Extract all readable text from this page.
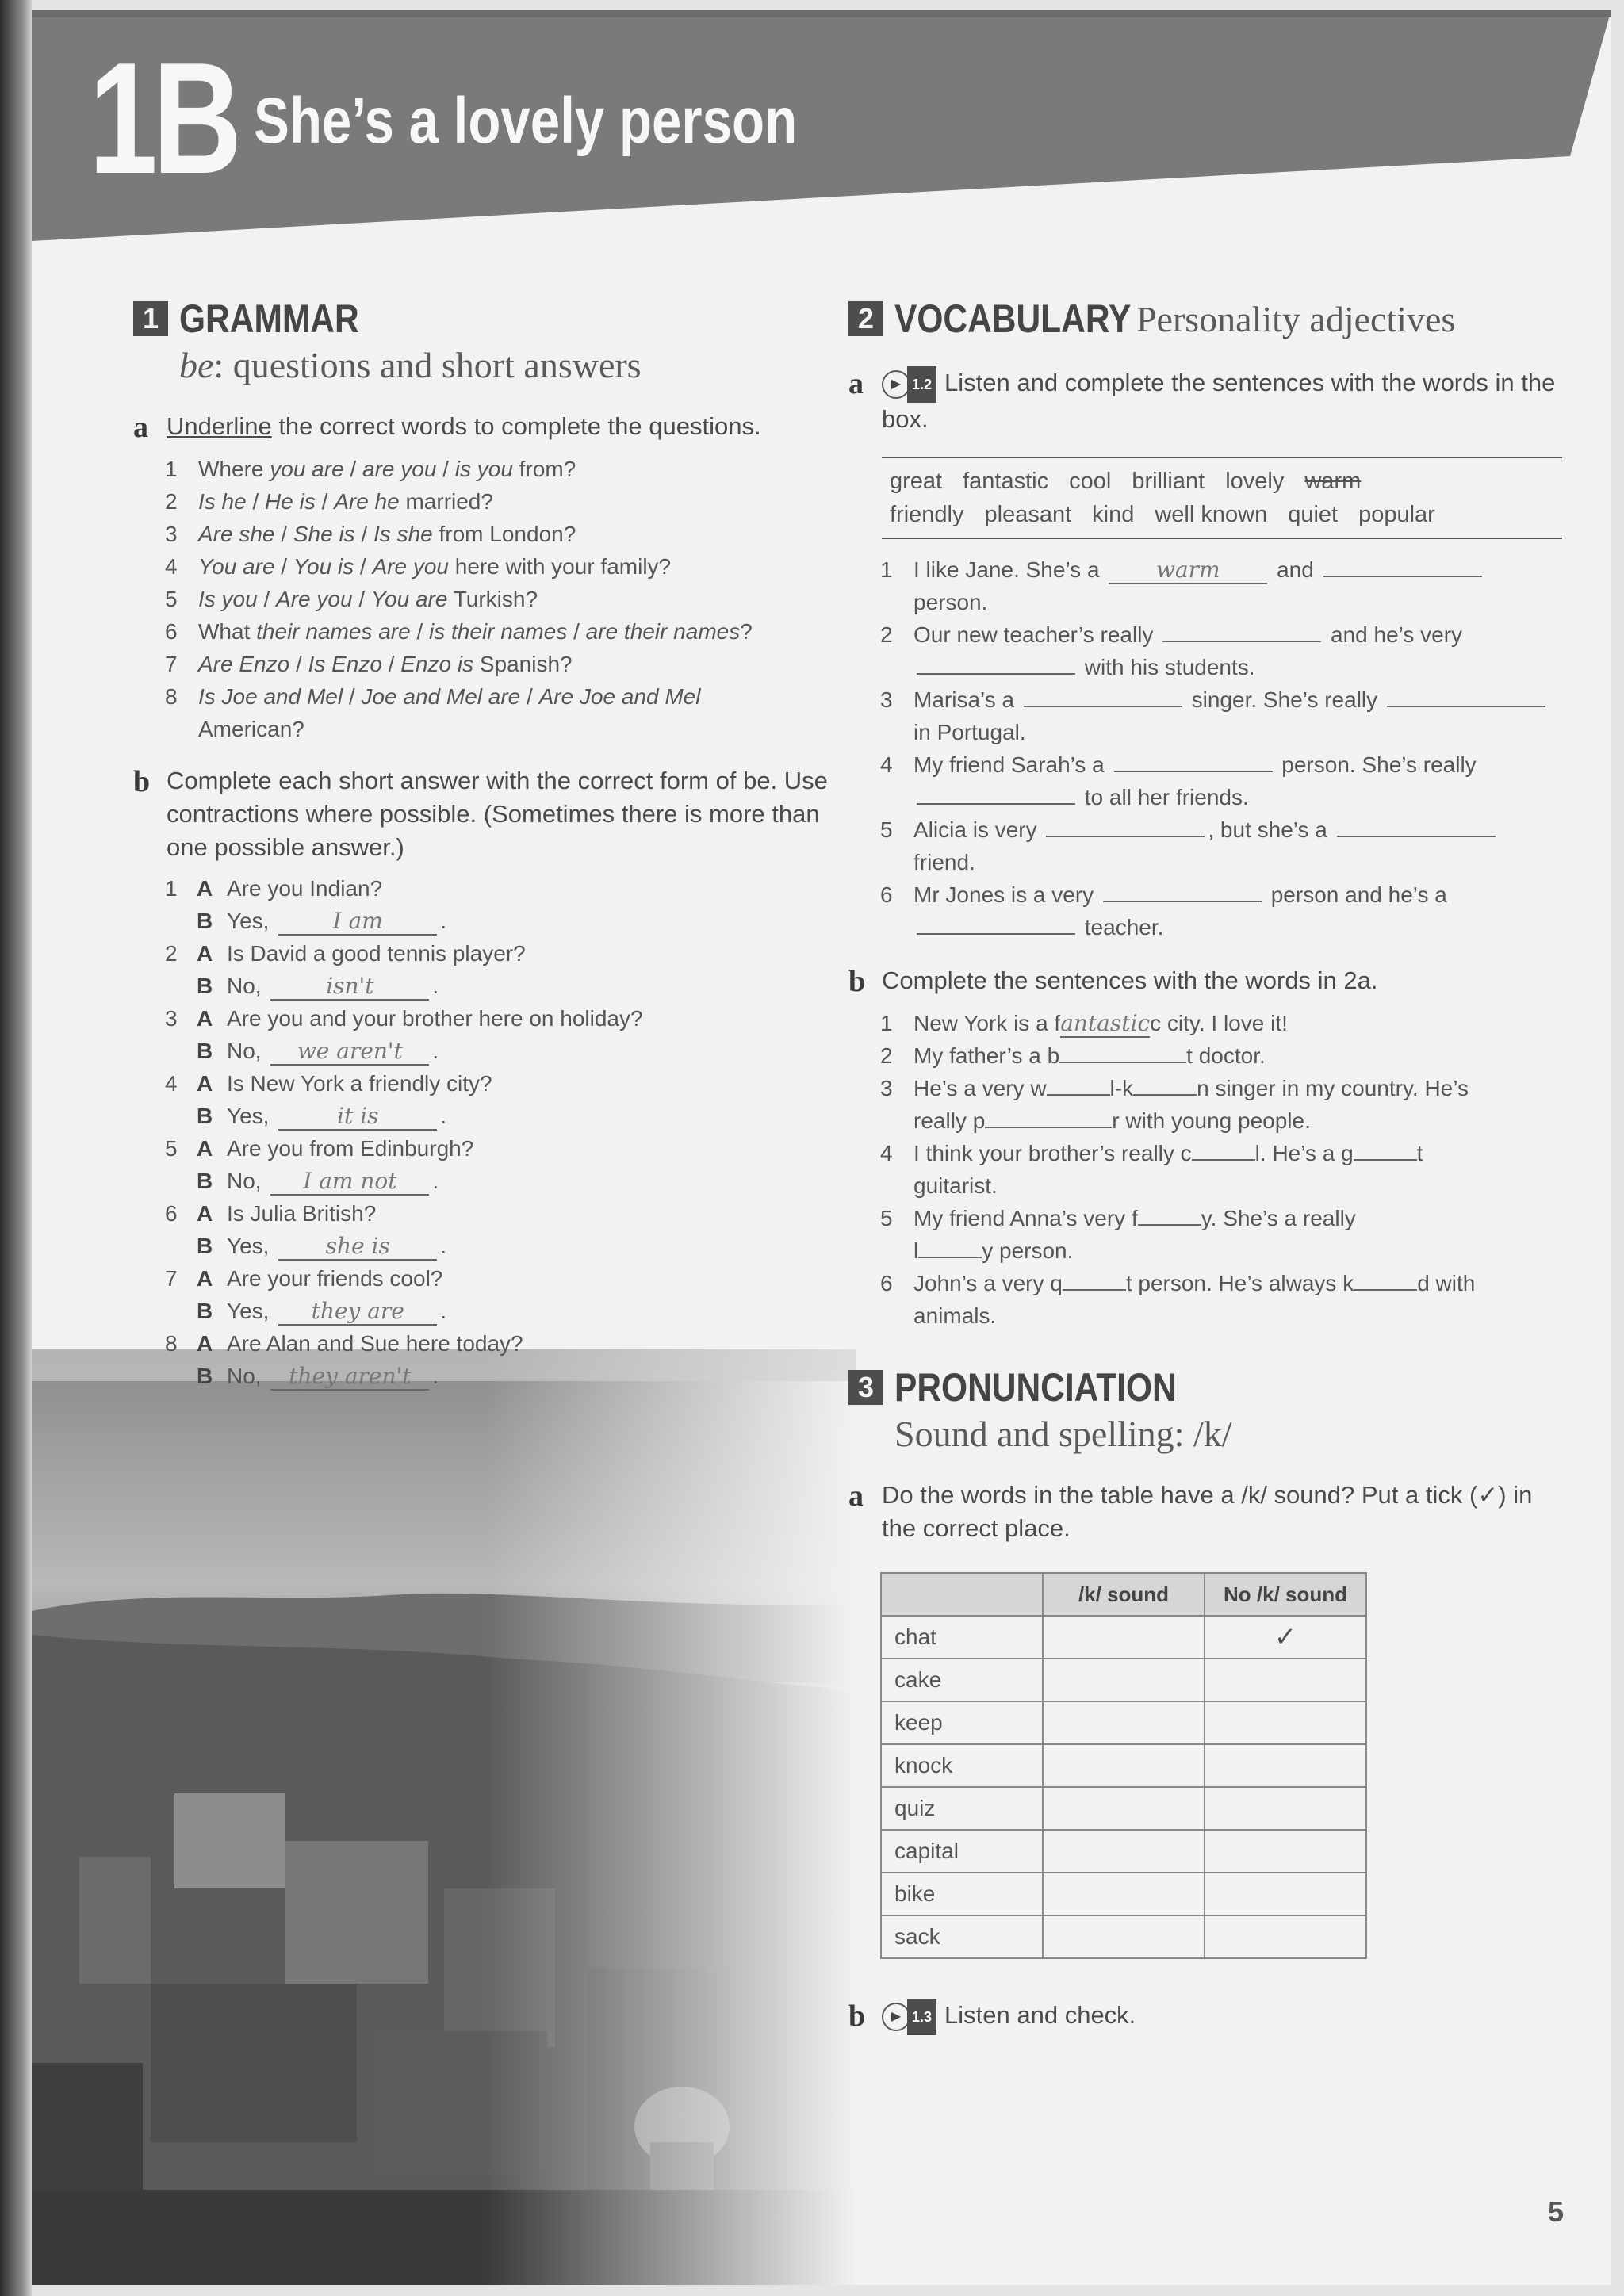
1B She’s a lovely person
1 GRAMMAR
be: questions and short answers
a Underline the correct words to complete the questions.
1 Where you are / are you / is you from?
2 Is he / He is / Are he married?
3 Are she / She is / Is she from London?
4 You are / You is / Are you here with your family?
5 Is you / Are you / You are Turkish?
6 What their names are / is their names / are their names?
7 Are Enzo / Is Enzo / Enzo is Spanish?
8 Is Joe and Mel / Joe and Mel are / Are Joe and Mel
American?
b Complete each short answer with the correct form of be. Use contractions where possible. (Sometimes there is more than one possible answer.)
1 A Are you Indian?
B Yes,	I am	.
2 A Is David a good tennis player?
B No,	isn't	.
3 A Are you and your brother here on holiday?
B No, we aren't .
4 A Is New York a friendly city?
B Yes,	it is	.
5 A Are you from Edinburgh?
B No, I am not .
6 A Is Julia British?
B Yes, she is .
7 A Are your friends cool?
B Yes, they are .
8 A Are Alan and Sue here today?
B No, they aren't .
2 VOCABULARY Personality adjectives
a	▶ 1.2 Listen and complete the sentences with the words in the box.
great fantastic cool brilliant lovely warm
friendly pleasant kind well known quiet popular
1 I like Jane. She’s a warm and  person.
2 Our new teacher’s really	and he’s very
with his students.
3 Marisa’s a	singer. She’s really
in Portugal.
4 My friend Sarah’s a	person. She’s really
to all her friends.
5 Alicia is very	, but she’s a
friend.
6 Mr Jones is a very	person and he’s a
teacher.
b Complete the sentences with the words in 2a.
1 New York is a fantasticc city. I love it!
2 My father’s a b	t doctor.
3 He’s a very w	l-k	n singer in my country. He’s
really p	r with young people.
4 I think your brother’s really c	l. He’s a g	t
guitarist.
5 My friend Anna’s very f	y. She’s a really
l	y person.
6 John’s a very q	t person. He’s always k	d with
animals.
3 PRONUNCIATION
Sound and spelling: /k/
a Do the words in the table have a /k/ sound? Put a tick (✓) in the correct place.
	/k/ sound	No /k/ sound
chat		✓
cake		
keep		
knock		
quiz		
capital		
bike		
sack		
b	▶ 1.3 Listen and check.
5
